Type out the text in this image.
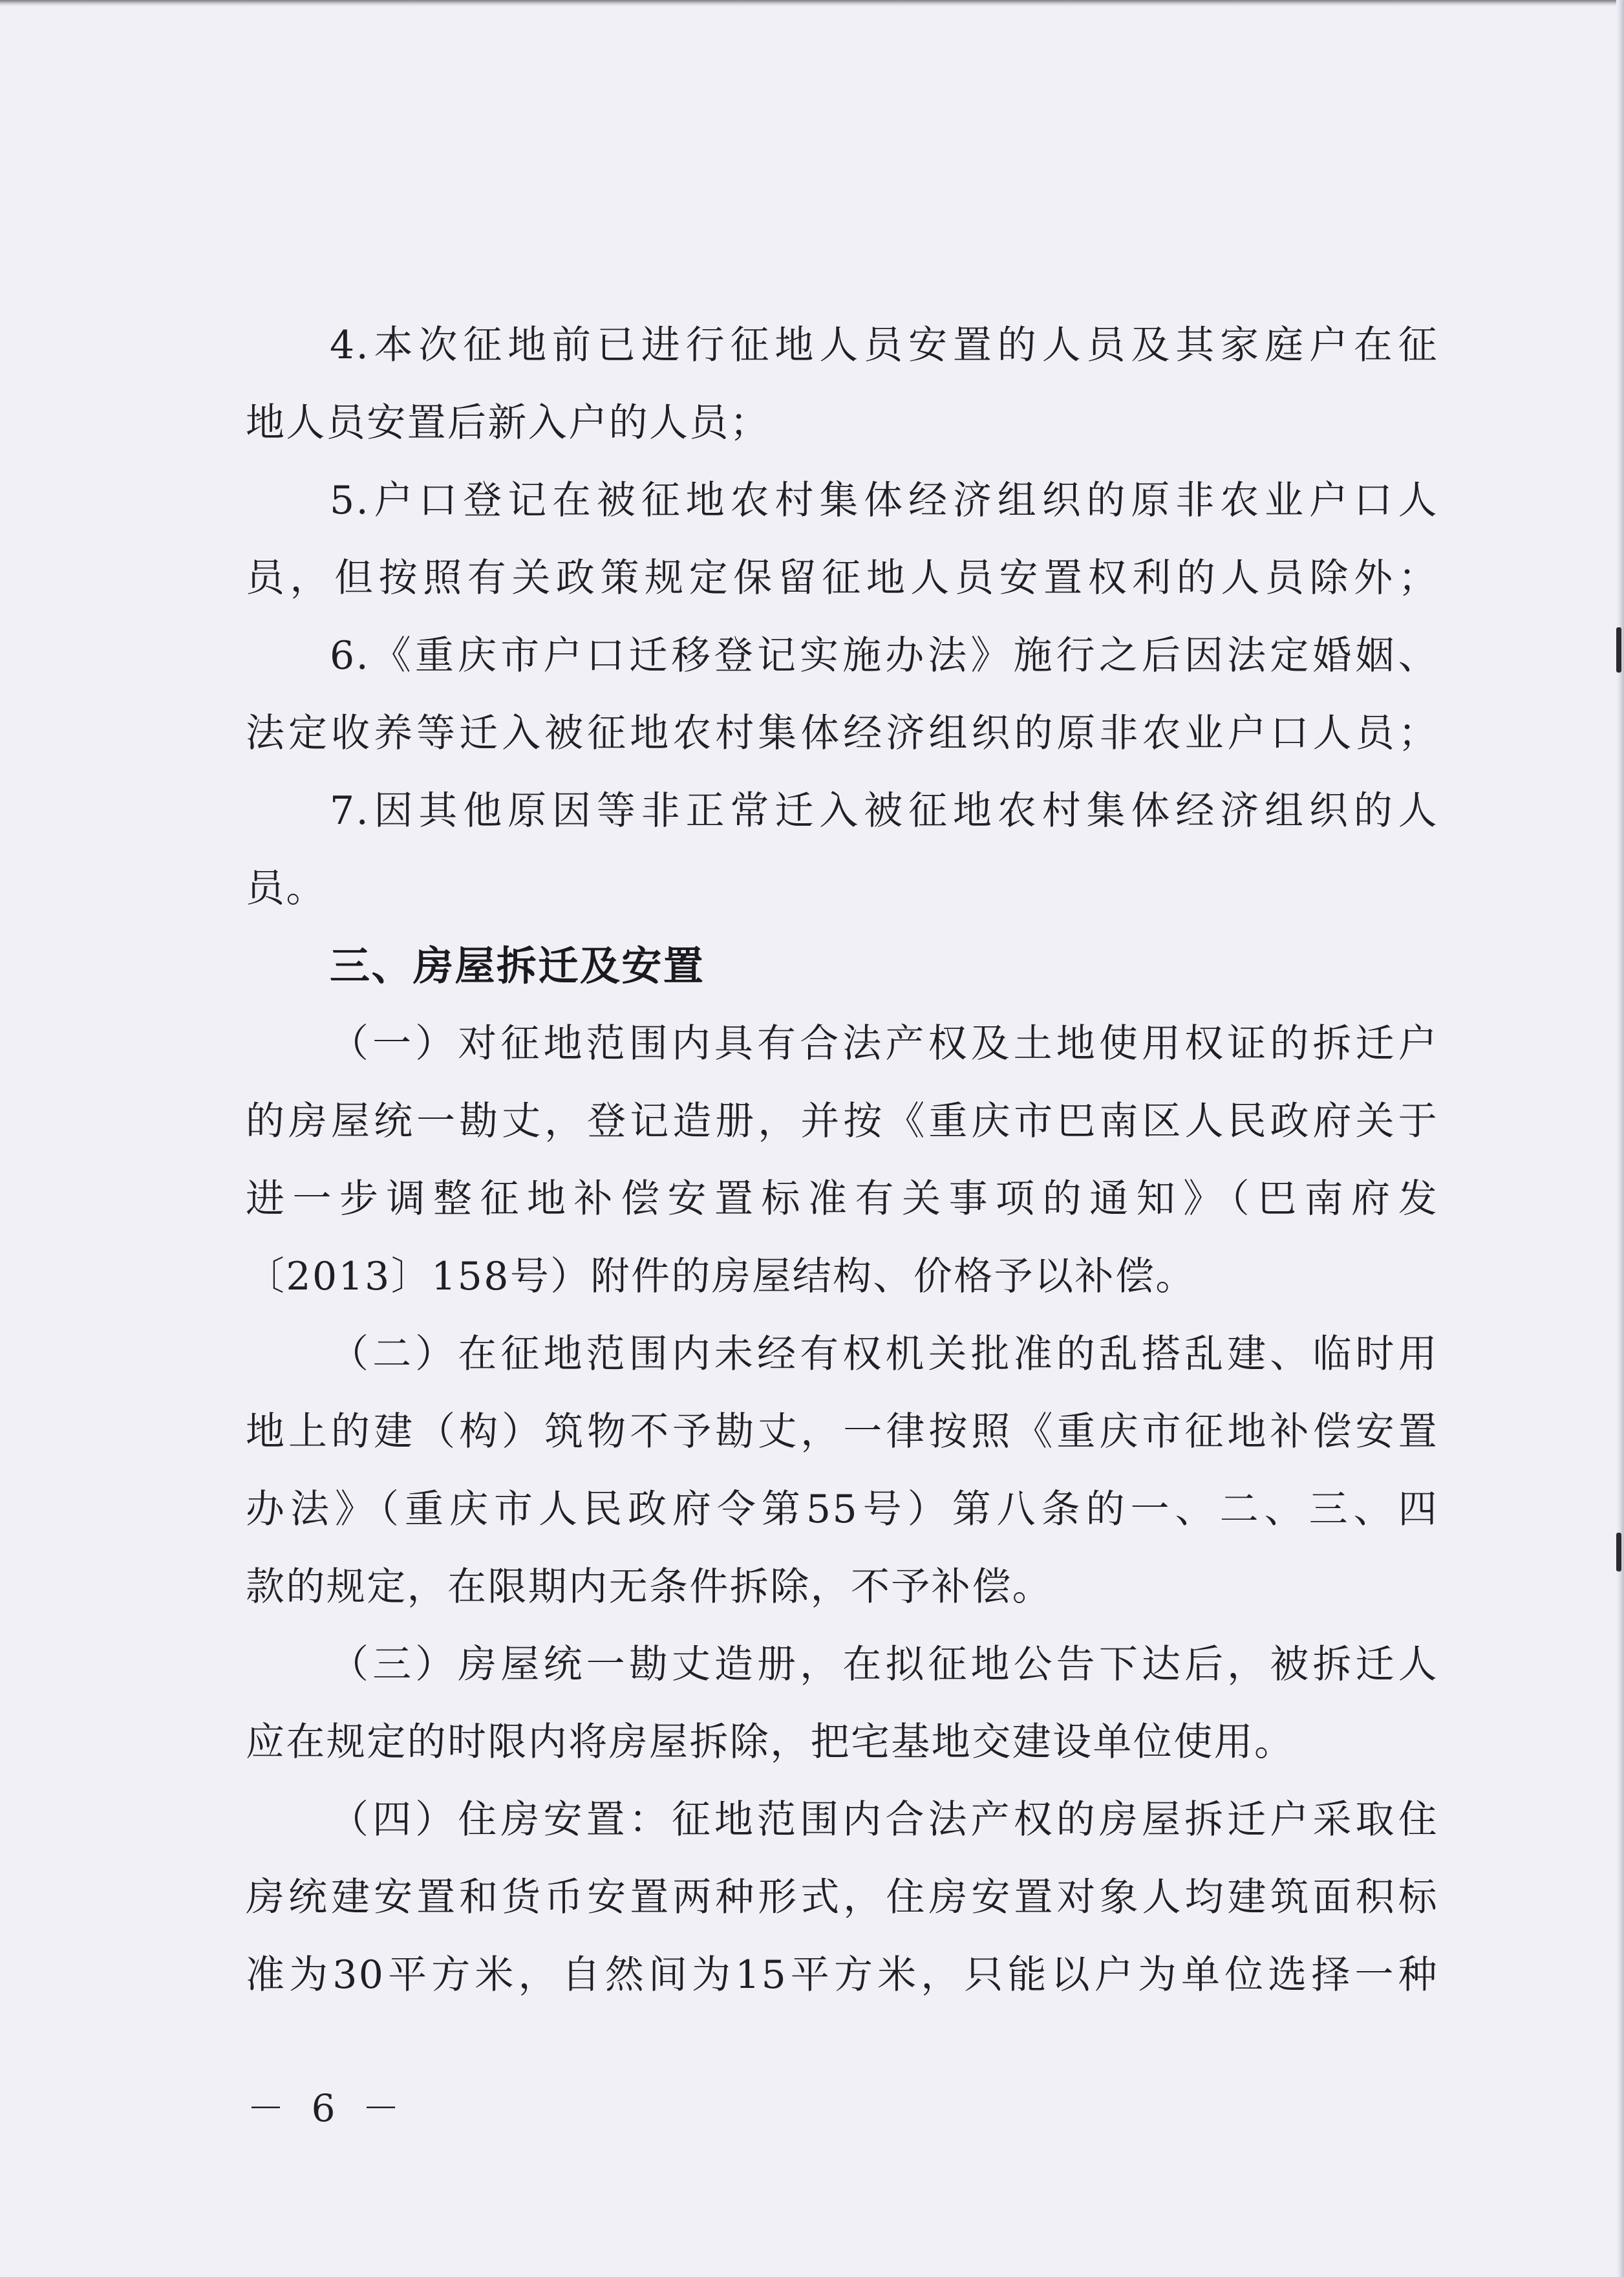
4.本次征地前已进行征地人员安置的人员及其家庭户在征
地人员安置后新入户的人员；
5.户口登记在被征地农村集体经济组织的原非农业户口人
员，但按照有关政策规定保留征地人员安置权利的人员除外；
6.《重庆市户口迁移登记实施办法》施行之后因法定婚姻、
法定收养等迁入被征地农村集体经济组织的原非农业户口人员；
7.因其他原因等非正常迁入被征地农村集体经济组织的人
员。
三、房屋拆迁及安置
（一）对征地范围内具有合法产权及土地使用权证的拆迁户
的房屋统一勘丈，登记造册，并按《重庆市巴南区人民政府关于
进一步调整征地补偿安置标准有关事项的通知》（巴南府发
〔2013〕158号）附件的房屋结构、价格予以补偿。
（二）在征地范围内未经有权机关批准的乱搭乱建、临时用
地上的建（构）筑物不予勘丈，一律按照《重庆市征地补偿安置
办法》（重庆市人民政府令第55号）第八条的一、二、三、四
款的规定，在限期内无条件拆除，不予补偿。
（三）房屋统一勘丈造册，在拟征地公告下达后，被拆迁人
应在规定的时限内将房屋拆除，把宅基地交建设单位使用。
（四）住房安置：征地范围内合法产权的房屋拆迁户采取住
房统建安置和货币安置两种形式，住房安置对象人均建筑面积标
准为30平方米，自然间为15平方米，只能以户为单位选择一种
－ 6 －
